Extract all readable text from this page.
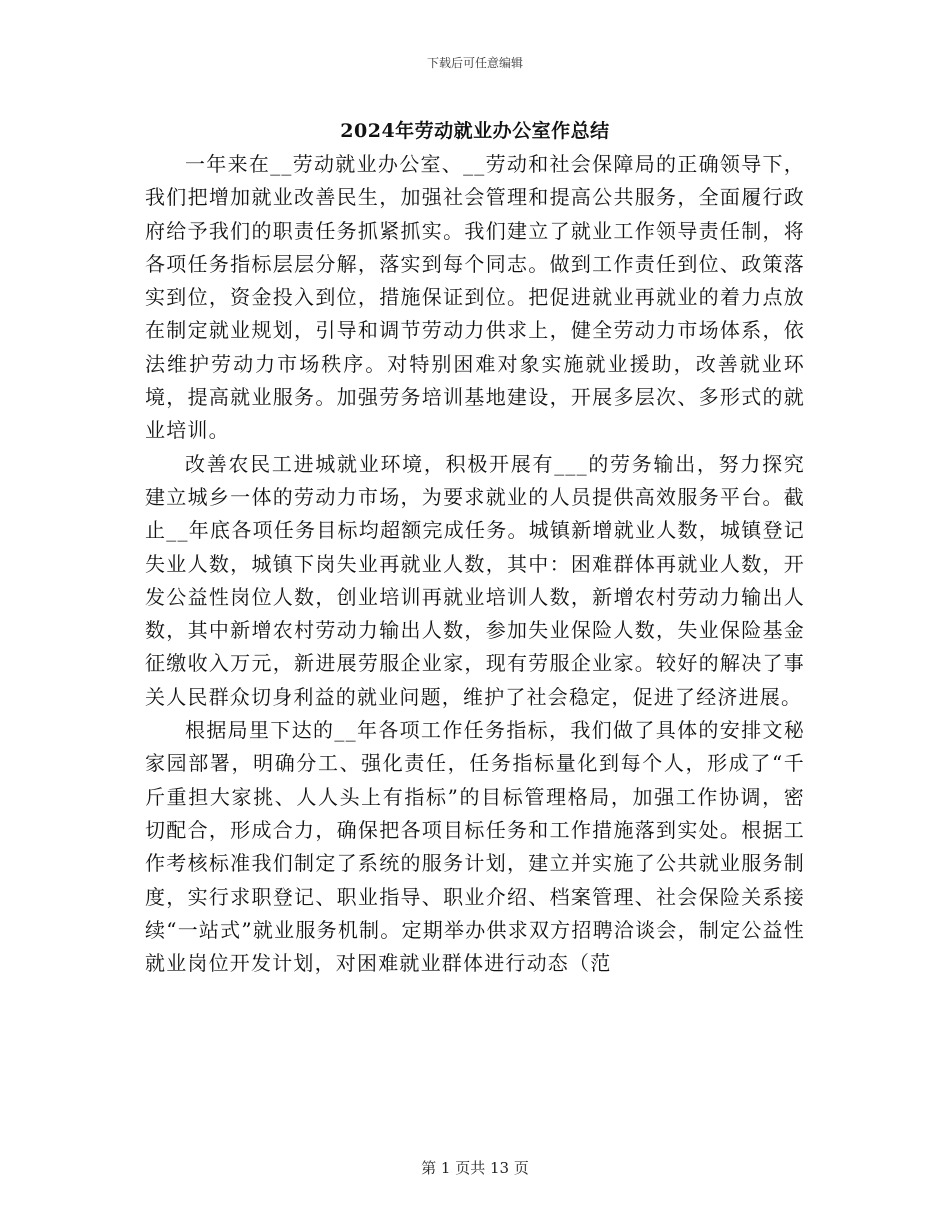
下载后可任意编辑
2024年劳动就业办公室作总结

一年来在__劳动就业办公室、__劳动和社会保障局的正确领导下，我们把增加就业改善民生，加强社会管理和提高公共服务，全面履行政府给予我们的职责任务抓紧抓实。我们建立了就业工作领导责任制，将各项任务指标层层分解，落实到每个同志。做到工作责任到位、政策落实到位，资金投入到位，措施保证到位。把促进就业再就业的着力点放在制定就业规划，引导和调节劳动力供求上，健全劳动力市场体系，依法维护劳动力市场秩序。对特别困难对象实施就业援助，改善就业环境，提高就业服务。加强劳务培训基地建设，开展多层次、多形式的就业培训。

改善农民工进城就业环境，积极开展有___的劳务输出，努力探究建立城乡一体的劳动力市场，为要求就业的人员提供高效服务平台。截止__年底各项任务目标均超额完成任务。城镇新增就业人数，城镇登记失业人数，城镇下岗失业再就业人数，其中：困难群体再就业人数，开发公益性岗位人数，创业培训再就业培训人数，新增农村劳动力输出人数，其中新增农村劳动力输出人数，参加失业保险人数，失业保险基金征缴收入万元，新进展劳服企业家，现有劳服企业家。较好的解决了事关人民群众切身利益的就业问题，维护了社会稳定，促进了经济进展。

根据局里下达的__年各项工作任务指标，我们做了具体的安排文秘家园部署，明确分工、强化责任，任务指标量化到每个人，形成了“千斤重担大家挑、人人头上有指标”的目标管理格局，加强工作协调，密切配合，形成合力，确保把各项目标任务和工作措施落到实处。根据工作考核标准我们制定了系统的服务计划，建立并实施了公共就业服务制度，实行求职登记、职业指导、职业介绍、档案管理、社会保险关系接续“一站式”就业服务机制。定期举办供求双方招聘洽谈会，制定公益性就业岗位开发计划，对困难就业群体进行动态（范

第 1 页共 13 页
